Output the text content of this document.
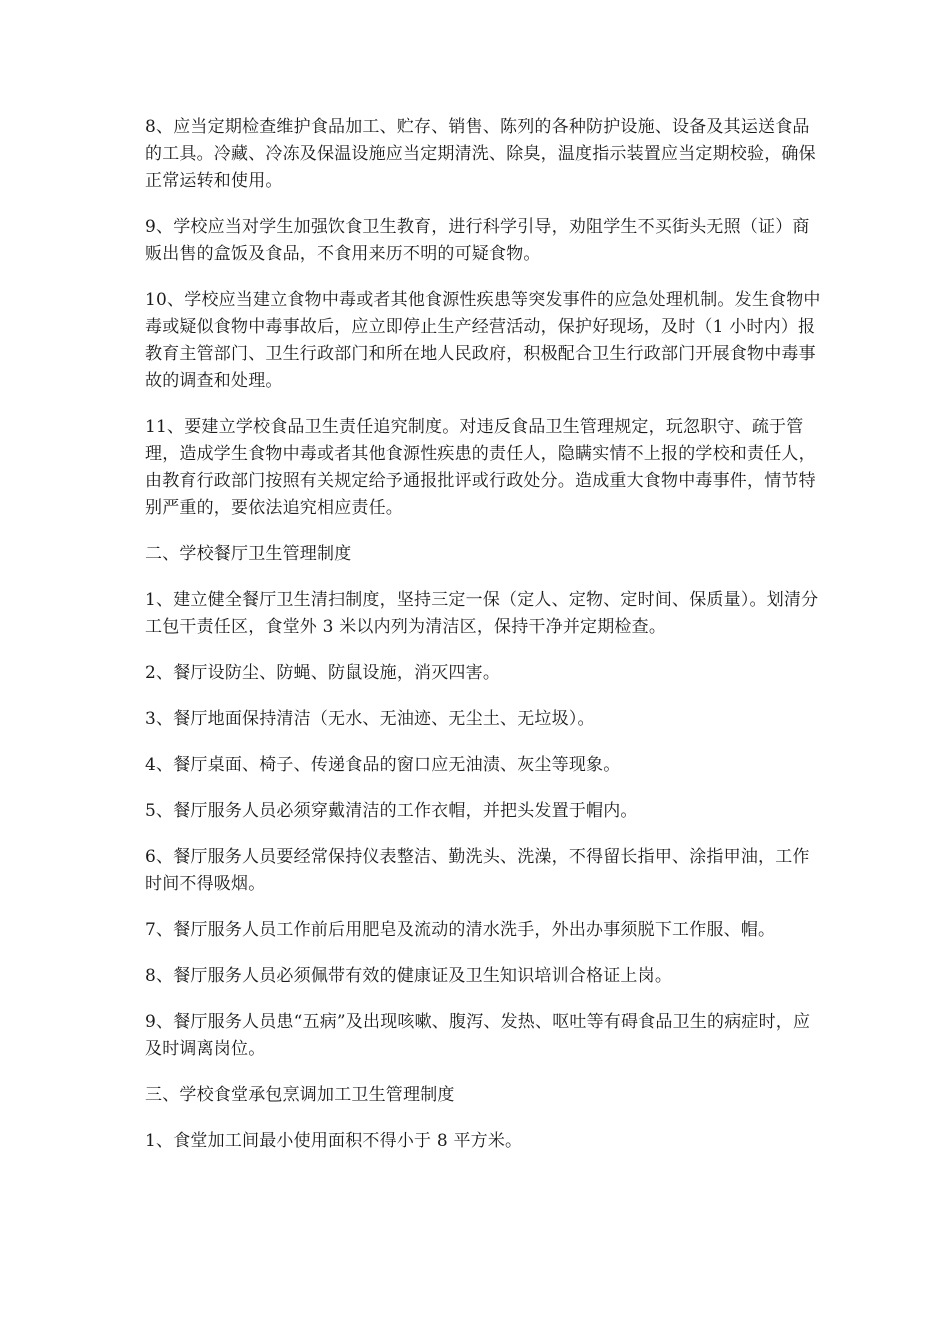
8、应当定期检查维护食品加工、贮存、销售、陈列的各种防护设施、设备及其运送食品的工具。冷藏、冷冻及保温设施应当定期清洗、除臭，温度指示装置应当定期校验，确保正常运转和使用。

9、学校应当对学生加强饮食卫生教育，进行科学引导，劝阻学生不买街头无照（证）商贩出售的盒饭及食品，不食用来历不明的可疑食物。

10、学校应当建立食物中毒或者其他食源性疾患等突发事件的应急处理机制。发生食物中毒或疑似食物中毒事故后，应立即停止生产经营活动，保护好现场，及时（1 小时内）报教育主管部门、卫生行政部门和所在地人民政府，积极配合卫生行政部门开展食物中毒事故的调查和处理。

11、要建立学校食品卫生责任追究制度。对违反食品卫生管理规定，玩忽职守、疏于管理，造成学生食物中毒或者其他食源性疾患的责任人，隐瞒实情不上报的学校和责任人，由教育行政部门按照有关规定给予通报批评或行政处分。造成重大食物中毒事件，情节特别严重的，要依法追究相应责任。

二、学校餐厅卫生管理制度

1、建立健全餐厅卫生清扫制度，坚持三定一保（定人、定物、定时间、保质量）。划清分工包干责任区，食堂外 3 米以内列为清洁区，保持干净并定期检查。

2、餐厅设防尘、防蝇、防鼠设施，消灭四害。

3、餐厅地面保持清洁（无水、无油迹、无尘土、无垃圾）。

4、餐厅桌面、椅子、传递食品的窗口应无油渍、灰尘等现象。

5、餐厅服务人员必须穿戴清洁的工作衣帽，并把头发置于帽内。

6、餐厅服务人员要经常保持仪表整洁、勤洗头、洗澡，不得留长指甲、涂指甲油，工作时间不得吸烟。

7、餐厅服务人员工作前后用肥皂及流动的清水洗手，外出办事须脱下工作服、帽。

8、餐厅服务人员必须佩带有效的健康证及卫生知识培训合格证上岗。

9、餐厅服务人员患“五病”及出现咳嗽、腹泻、发热、呕吐等有碍食品卫生的病症时，应及时调离岗位。

三、学校食堂承包烹调加工卫生管理制度

1、食堂加工间最小使用面积不得小于 8 平方米。
